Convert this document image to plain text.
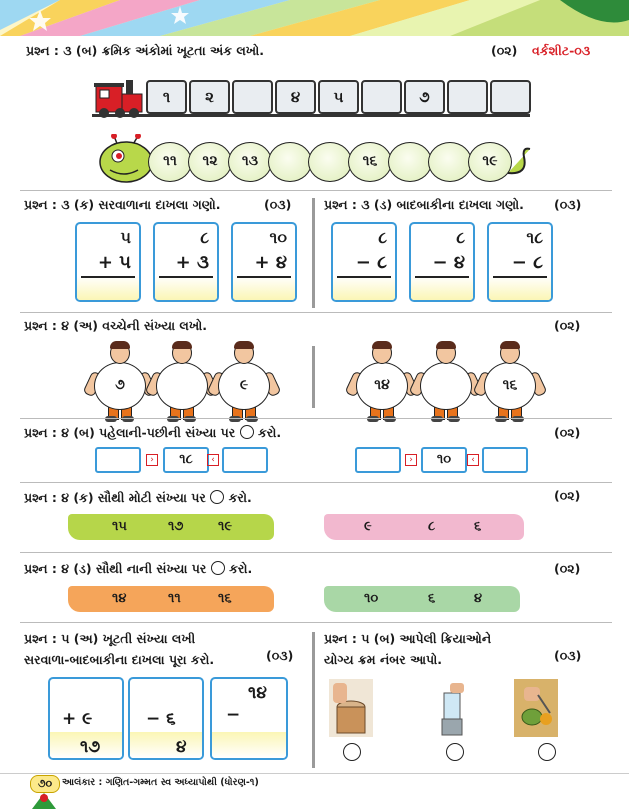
પ્રશ્ન : ૩ (બ) ક્રમિક અંકોમાં ખૂટતા અંક લખો.	(૦૨) વર્કશીટ-૦૩
૧	૨	૪	૫	૭
૧૧	૧૨	૧૩	૧૬	૧૯
પ્રશ્ન : ૩ (ક) સરવાળાના દાખલા ગણો.	(૦૩)	પ્રશ્ન : ૩ (ડ) બાદબાકીના દાખલા ગણો. (૦૩)
૫
+ ૫
૮
+ ૩
૧૦
+ ૪
૮
− ૮
૮
− ૪
૧૮
− ૮
પ્રશ્ન : ૪ (અ) વચ્ચેની સંખ્યા લખો.	(૦૨)
૭	૯	૧૪	૧૬
પ્રશ્ન : ૪ (બ) પહેલાની-પછીની સંખ્યા પર કરો.	(૦૨)
›	૧૮	‹	›	૧૦	‹
પ્રશ્ન : ૪ (ક) સૌથી મોટી સંખ્યા પર કરો.	(૦૨)
૧૫	૧૭	૧૯	૯	૮	૬
પ્રશ્ન : ૪ (ડ) સૌથી નાની સંખ્યા પર કરો.	(૦૨)
૧૪	૧૧	૧૬	૧૦	૬	૪
પ્રશ્ન : ૫ (અ) ખૂટતી સંખ્યા લખી
સરવાળા-બાદબાકીના દાખલા પૂરા કરો.	(૦૩)
+ ૯
૧૭
− ૬
૪
૧૪
−
પ્રશ્ન : ૫ (બ) આપેલી ક્રિયાઓને
યોગ્ય ક્રમ નંબર આપો.	(૦૩)
૭૦	આલંકાર : ગણિત-ગમ્મત સ્વ અધ્યાપોથી (ધોરણ-૧)
